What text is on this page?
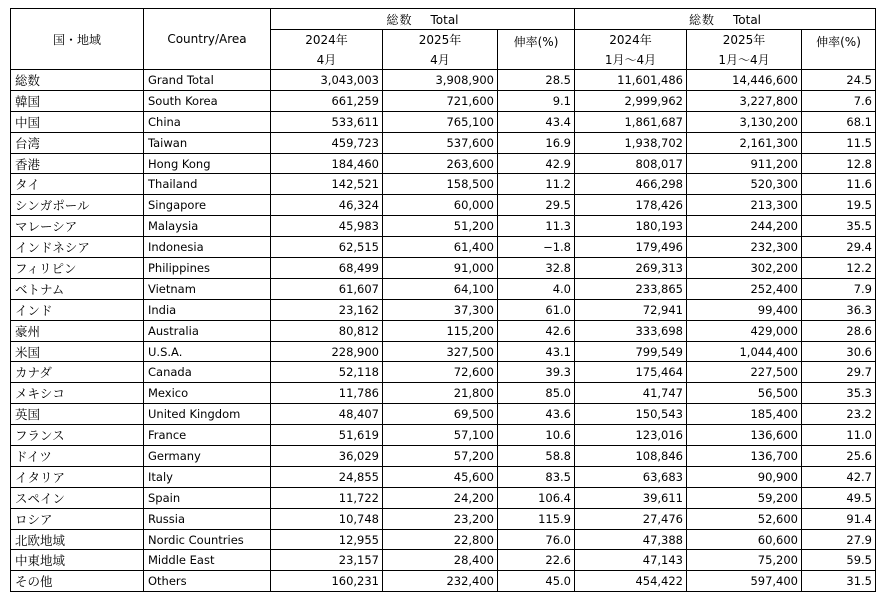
国・地域	Country/Area	総数 Total			総数 Total		
		2024年	2025年	伸率(%)	2024年	2025年	伸率(%)
		4月	4月		1月～4月	1月～4月	
総数	Grand Total	3,043,003	3,908,900	28.5	11,601,486	14,446,600	24.5
韓国	South Korea	661,259	721,600	9.1	2,999,962	3,227,800	7.6
中国	China	533,611	765,100	43.4	1,861,687	3,130,200	68.1
台湾	Taiwan	459,723	537,600	16.9	1,938,702	2,161,300	11.5
香港	Hong Kong	184,460	263,600	42.9	808,017	911,200	12.8
タイ	Thailand	142,521	158,500	11.2	466,298	520,300	11.6
シンガポール	Singapore	46,324	60,000	29.5	178,426	213,300	19.5
マレーシア	Malaysia	45,983	51,200	11.3	180,193	244,200	35.5
インドネシア	Indonesia	62,515	61,400	−1.8	179,496	232,300	29.4
フィリピン	Philippines	68,499	91,000	32.8	269,313	302,200	12.2
ベトナム	Vietnam	61,607	64,100	4.0	233,865	252,400	7.9
インド	India	23,162	37,300	61.0	72,941	99,400	36.3
豪州	Australia	80,812	115,200	42.6	333,698	429,000	28.6
米国	U.S.A.	228,900	327,500	43.1	799,549	1,044,400	30.6
カナダ	Canada	52,118	72,600	39.3	175,464	227,500	29.7
メキシコ	Mexico	11,786	21,800	85.0	41,747	56,500	35.3
英国	United Kingdom	48,407	69,500	43.6	150,543	185,400	23.2
フランス	France	51,619	57,100	10.6	123,016	136,600	11.0
ドイツ	Germany	36,029	57,200	58.8	108,846	136,700	25.6
イタリア	Italy	24,855	45,600	83.5	63,683	90,900	42.7
スペイン	Spain	11,722	24,200	106.4	39,611	59,200	49.5
ロシア	Russia	10,748	23,200	115.9	27,476	52,600	91.4
北欧地域	Nordic Countries	12,955	22,800	76.0	47,388	60,600	27.9
中東地域	Middle East	23,157	28,400	22.6	47,143	75,200	59.5
その他	Others	160,231	232,400	45.0	454,422	597,400	31.5
